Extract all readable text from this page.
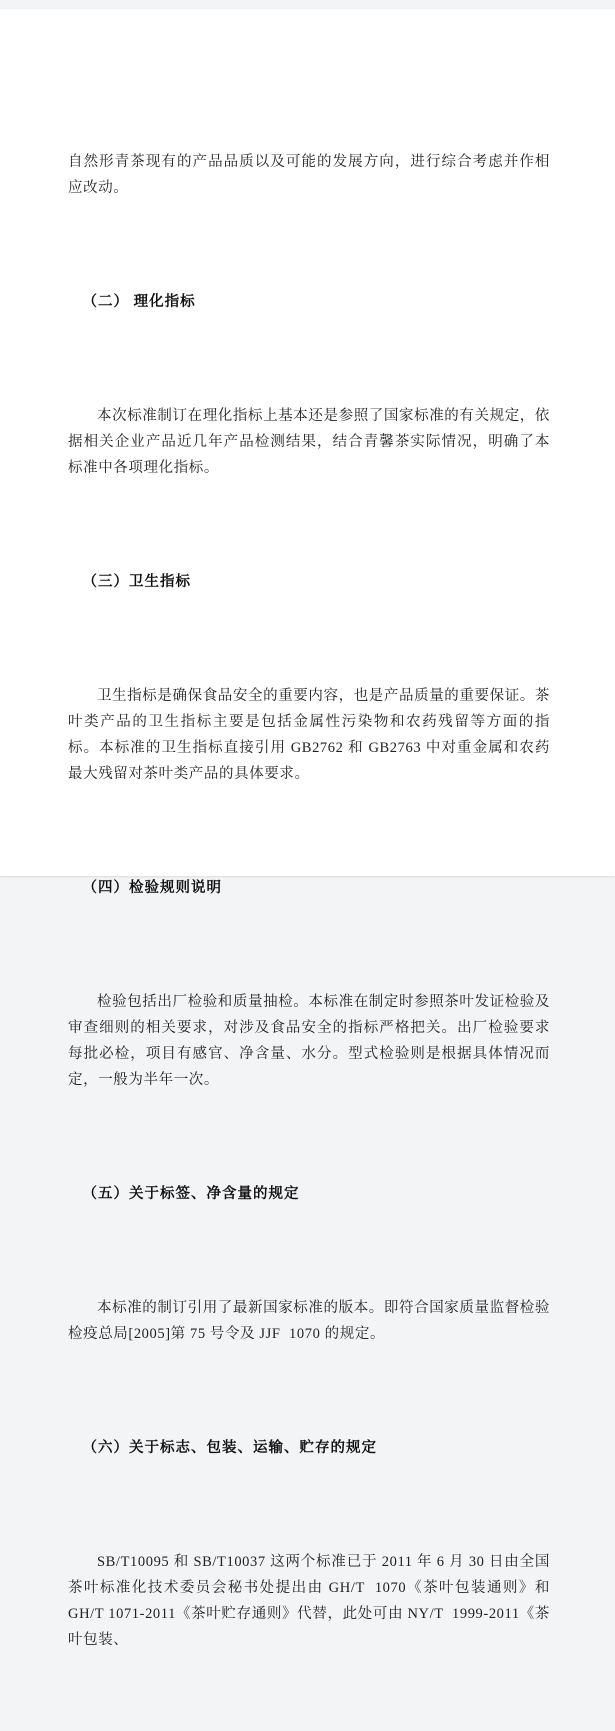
自然形青茶现有的产品品质以及可能的发展方向，进行综合考虑并作相应改动。

（二） 理化指标

本次标准制订在理化指标上基本还是参照了国家标准的有关规定，依据相关企业产品近几年产品检测结果，结合青馨茶实际情况，明确了本标准中各项理化指标。

（三）卫生指标

卫生指标是确保食品安全的重要内容，也是产品质量的重要保证。茶叶类产品的卫生指标主要是包括金属性污染物和农药残留等方面的指标。本标准的卫生指标直接引用 GB2762 和 GB2763 中对重金属和农药最大残留对茶叶类产品的具体要求。

（四）检验规则说明

检验包括出厂检验和质量抽检。本标准在制定时参照茶叶发证检验及审查细则的相关要求，对涉及食品安全的指标严格把关。出厂检验要求每批必检，项目有感官、净含量、水分。型式检验则是根据具体情况而定，一般为半年一次。

（五）关于标签、净含量的规定

本标准的制订引用了最新国家标准的版本。即符合国家质量监督检验检疫总局[2005]第 75 号令及 JJF  1070 的规定。

（六）关于标志、包装、运输、贮存的规定

SB/T10095 和 SB/T10037 这两个标准已于 2011 年 6 月 30 日由全国茶叶标准化技术委员会秘书处提出由 GH/T  1070《茶叶包装通则》和 GH/T 1071-2011《茶叶贮存通则》代替，此处可由 NY/T  1999-2011《茶叶包装、
